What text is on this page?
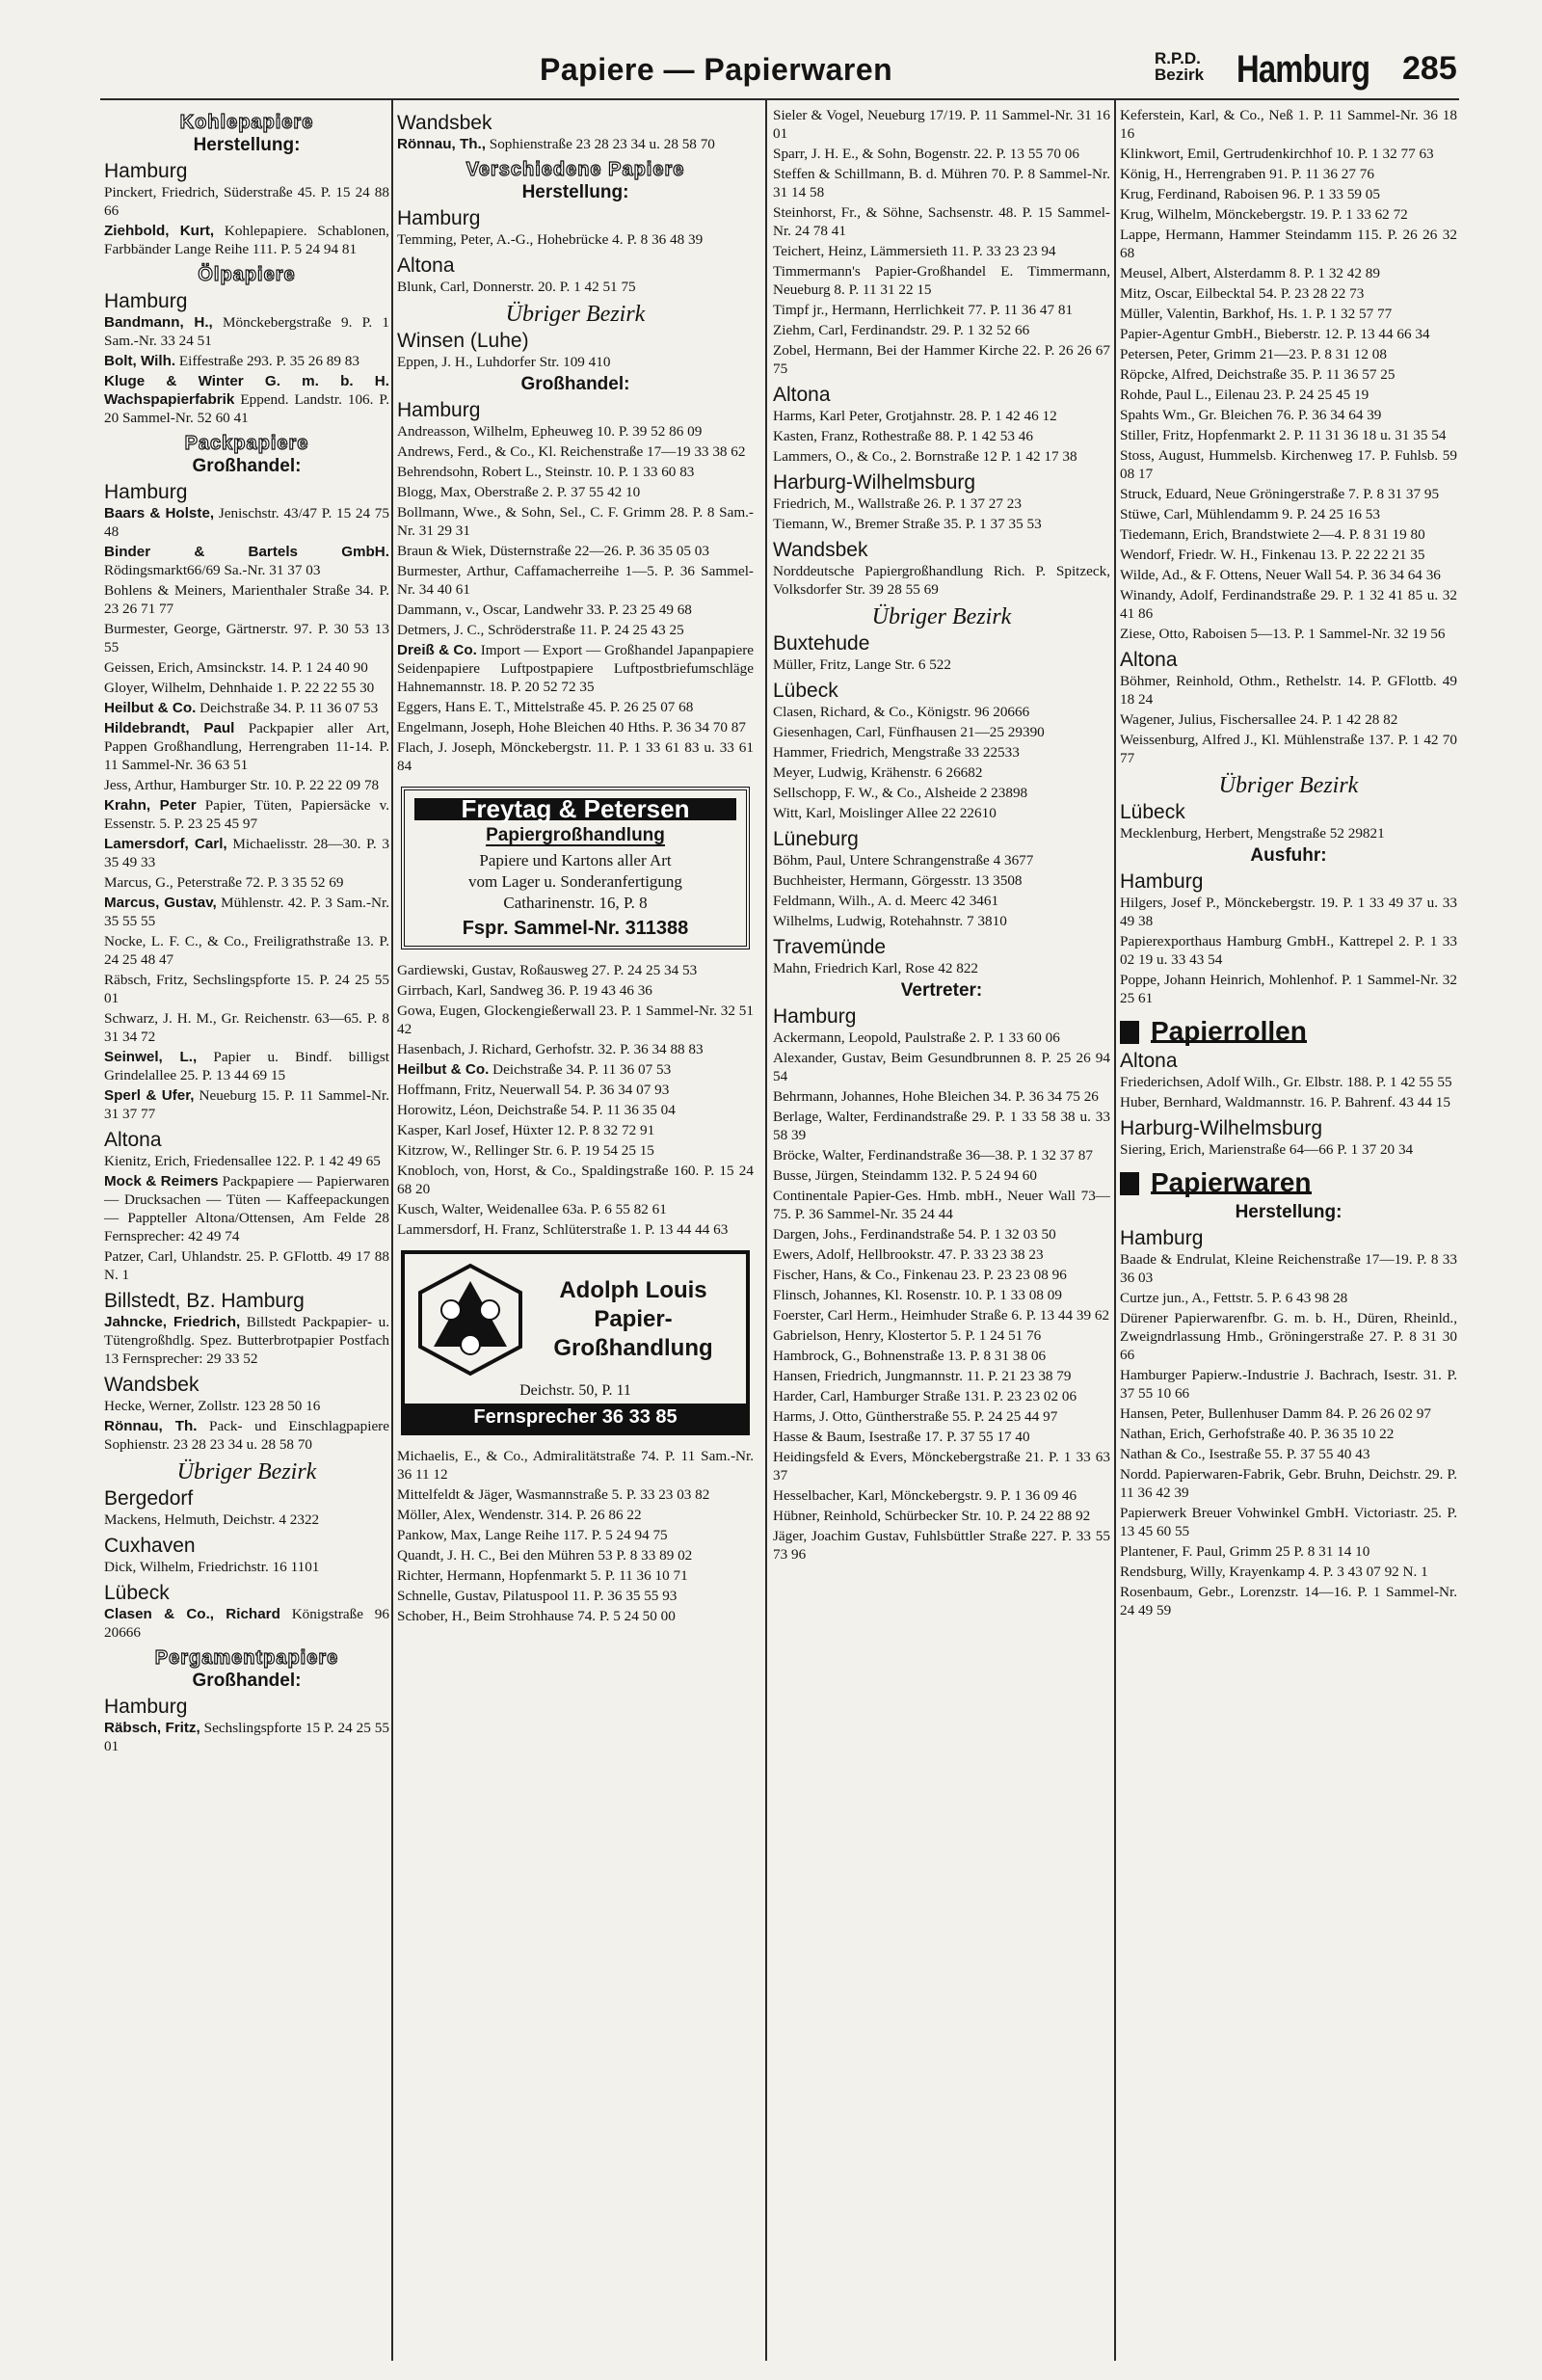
Papiere — Papierwaren	R.P.D.
Bezirk Hamburg 285
Kohlepapiere
Herstellung:
Hamburg
Pinckert, Friedrich, Süderstraße 45. P. 15 24 88 66
Ziehbold, Kurt, Kohlepapiere. Schablonen, Farbbänder Lange Reihe 111. P. 5 24 94 81
Ölpapiere
Hamburg
Bandmann, H., Mönckebergstraße 9. P. 1 Sam.-Nr. 33 24 51
Bolt, Wilh. Eiffestraße 293. P. 35 26 89 83
Kluge & Winter G. m. b. H. Wachspapierfabrik Eppend. Landstr. 106. P. 20 Sammel-Nr. 52 60 41
Packpapiere
Großhandel:
Hamburg
Baars & Holste, Jenischstr. 43/47 P. 15 24 75 48
Binder & Bartels GmbH. Rödingsmarkt66/69 Sa.-Nr. 31 37 03
Bohlens & Meiners, Marienthaler Straße 34. P. 23 26 71 77
Burmester, George, Gärtnerstr. 97. P. 30 53 13 55
Geissen, Erich, Amsinckstr. 14. P. 1 24 40 90
Gloyer, Wilhelm, Dehnhaide 1. P. 22 22 55 30
Heilbut & Co. Deichstraße 34. P. 11 36 07 53
Hildebrandt, Paul Packpapier aller Art, Pappen Großhandlung, Herrengraben 11-14. P. 11 Sammel-Nr. 36 63 51
Jess, Arthur, Hamburger Str. 10. P. 22 22 09 78
Krahn, Peter Papier, Tüten, Papiersäcke v. Essenstr. 5. P. 23 25 45 97
Lamersdorf, Carl, Michaelisstr. 28—30. P. 3 35 49 33
Marcus, G., Peterstraße 72. P. 3 35 52 69
Marcus, Gustav, Mühlenstr. 42. P. 3 Sam.-Nr. 35 55 55
Nocke, L. F. C., & Co., Freiligrathstraße 13. P. 24 25 48 47
Räbsch, Fritz, Sechslingspforte 15. P. 24 25 55 01
Schwarz, J. H. M., Gr. Reichenstr. 63—65. P. 8 31 34 72
Seinwel, L., Papier u. Bindf. billigst Grindelallee 25. P. 13 44 69 15
Sperl & Ufer, Neueburg 15. P. 11 Sammel-Nr. 31 37 77
Altona
Kienitz, Erich, Friedensallee 122. P. 1 42 49 65
Mock & Reimers Packpapiere — Papierwaren — Drucksachen — Tüten — Kaffeepackungen — Pappteller Altona/Ottensen, Am Felde 28 Fernsprecher: 42 49 74
Patzer, Carl, Uhlandstr. 25. P. GFlottb. 49 17 88 N. 1
Billstedt, Bz. Hamburg
Jahncke, Friedrich, Billstedt Packpapier- u. Tütengroßhdlg. Spez. Butterbrotpapier Postfach 13 Fernsprecher: 29 33 52
Wandsbek
Hecke, Werner, Zollstr. 123 28 50 16
Rönnau, Th. Pack- und Einschlagpapiere Sophienstr. 23 28 23 34 u. 28 58 70
Übriger Bezirk
Bergedorf
Mackens, Helmuth, Deichstr. 4 2322
Cuxhaven
Dick, Wilhelm, Friedrichstr. 16 1101
Lübeck
Clasen & Co., Richard Königstraße 96 20666
Pergamentpapiere
Großhandel:
Hamburg
Räbsch, Fritz, Sechslingspforte 15 P. 24 25 55 01
Wandsbek
Rönnau, Th., Sophienstraße 23 28 23 34 u. 28 58 70
Verschiedene Papiere
Herstellung:
Hamburg
Temming, Peter, A.-G., Hohebrücke 4. P. 8 36 48 39
Altona
Blunk, Carl, Donnerstr. 20. P. 1 42 51 75
Übriger Bezirk
Winsen (Luhe)
Eppen, J. H., Luhdorfer Str. 109 410
Großhandel:
Hamburg
Andreasson, Wilhelm, Epheuweg 10. P. 39 52 86 09
Andrews, Ferd., & Co., Kl. Reichenstraße 17—19 33 38 62
Behrendsohn, Robert L., Steinstr. 10. P. 1 33 60 83
Blogg, Max, Oberstraße 2. P. 37 55 42 10
Bollmann, Wwe., & Sohn, Sel., C. F. Grimm 28. P. 8 Sam.-Nr. 31 29 31
Braun & Wiek, Düsternstraße 22—26. P. 36 35 05 03
Burmester, Arthur, Caffamacherreihe 1—5. P. 36 Sammel-Nr. 34 40 61
Dammann, v., Oscar, Landwehr 33. P. 23 25 49 68
Detmers, J. C., Schröderstraße 11. P. 24 25 43 25
Dreiß & Co. Import — Export — Großhandel Japanpapiere Seidenpapiere Luftpostpapiere Luftpostbriefumschläge Hahnemannstr. 18. P. 20 52 72 35
Eggers, Hans E. T., Mittelstraße 45. P. 26 25 07 68
Engelmann, Joseph, Hohe Bleichen 40 Hths. P. 36 34 70 87
Flach, J. Joseph, Mönckebergstr. 11. P. 1 33 61 83 u. 33 61 84
Freytag & Petersen
Papiergroßhandlung
Papiere und Kartons aller Art
vom Lager u. Sonderanfertigung
Catharinenstr. 16, P. 8
Fspr. Sammel-Nr. 311388
Gardiewski, Gustav, Roßausweg 27. P. 24 25 34 53
Girrbach, Karl, Sandweg 36. P. 19 43 46 36
Gowa, Eugen, Glockengießerwall 23. P. 1 Sammel-Nr. 32 51 42
Hasenbach, J. Richard, Gerhofstr. 32. P. 36 34 88 83
Heilbut & Co. Deichstraße 34. P. 11 36 07 53
Hoffmann, Fritz, Neuerwall 54. P. 36 34 07 93
Horowitz, Léon, Deichstraße 54. P. 11 36 35 04
Kasper, Karl Josef, Hüxter 12. P. 8 32 72 91
Kitzrow, W., Rellinger Str. 6. P. 19 54 25 15
Knobloch, von, Horst, & Co., Spaldingstraße 160. P. 15 24 68 20
Kusch, Walter, Weidenallee 63a. P. 6 55 82 61
Lammersdorf, H. Franz, Schlüterstraße 1. P. 13 44 44 63
Adolph Louis
Papier-
Großhandlung
Deichstr. 50, P. 11
Fernsprecher 36 33 85
Michaelis, E., & Co., Admiralitätstraße 74. P. 11 Sam.-Nr. 36 11 12
Mittelfeldt & Jäger, Wasmannstraße 5. P. 33 23 03 82
Möller, Alex, Wendenstr. 314. P. 26 86 22
Pankow, Max, Lange Reihe 117. P. 5 24 94 75
Quandt, J. H. C., Bei den Mühren 53 P. 8 33 89 02
Richter, Hermann, Hopfenmarkt 5. P. 11 36 10 71
Schnelle, Gustav, Pilatuspool 11. P. 36 35 55 93
Schober, H., Beim Strohhause 74. P. 5 24 50 00
Sieler & Vogel, Neueburg 17/19. P. 11 Sammel-Nr. 31 16 01
Sparr, J. H. E., & Sohn, Bogenstr. 22. P. 13 55 70 06
Steffen & Schillmann, B. d. Mühren 70. P. 8 Sammel-Nr. 31 14 58
Steinhorst, Fr., & Söhne, Sachsenstr. 48. P. 15 Sammel-Nr. 24 78 41
Teichert, Heinz, Lämmersieth 11. P. 33 23 23 94
Timmermann's Papier-Großhandel E. Timmermann, Neueburg 8. P. 11 31 22 15
Timpf jr., Hermann, Herrlichkeit 77. P. 11 36 47 81
Ziehm, Carl, Ferdinandstr. 29. P. 1 32 52 66
Zobel, Hermann, Bei der Hammer Kirche 22. P. 26 26 67 75
Altona
Harms, Karl Peter, Grotjahnstr. 28. P. 1 42 46 12
Kasten, Franz, Rothestraße 88. P. 1 42 53 46
Lammers, O., & Co., 2. Bornstraße 12 P. 1 42 17 38
Harburg-Wilhelmsburg
Friedrich, M., Wallstraße 26. P. 1 37 27 23
Tiemann, W., Bremer Straße 35. P. 1 37 35 53
Wandsbek
Norddeutsche Papiergroßhandlung Rich. P. Spitzeck, Volksdorfer Str. 39 28 55 69
Übriger Bezirk
Buxtehude
Müller, Fritz, Lange Str. 6 522
Lübeck
Clasen, Richard, & Co., Königstr. 96 20666
Giesenhagen, Carl, Fünfhausen 21—25 29390
Hammer, Friedrich, Mengstraße 33 22533
Meyer, Ludwig, Krähenstr. 6 26682
Sellschopp, F. W., & Co., Alsheide 2 23898
Witt, Karl, Moislinger Allee 22 22610
Lüneburg
Böhm, Paul, Untere Schrangenstraße 4 3677
Buchheister, Hermann, Görgesstr. 13 3508
Feldmann, Wilh., A. d. Meerc 42 3461
Wilhelms, Ludwig, Rotehahnstr. 7 3810
Travemünde
Mahn, Friedrich Karl, Rose 42 822
Vertreter:
Hamburg
Ackermann, Leopold, Paulstraße 2. P. 1 33 60 06
Alexander, Gustav, Beim Gesundbrunnen 8. P. 25 26 94 54
Behrmann, Johannes, Hohe Bleichen 34. P. 36 34 75 26
Berlage, Walter, Ferdinandstraße 29. P. 1 33 58 38 u. 33 58 39
Bröcke, Walter, Ferdinandstraße 36—38. P. 1 32 37 87
Busse, Jürgen, Steindamm 132. P. 5 24 94 60
Continentale Papier-Ges. Hmb. mbH., Neuer Wall 73—75. P. 36 Sammel-Nr. 35 24 44
Dargen, Johs., Ferdinandstraße 54. P. 1 32 03 50
Ewers, Adolf, Hellbrookstr. 47. P. 33 23 38 23
Fischer, Hans, & Co., Finkenau 23. P. 23 23 08 96
Flinsch, Johannes, Kl. Rosenstr. 10. P. 1 33 08 09
Foerster, Carl Herm., Heimhuder Straße 6. P. 13 44 39 62
Gabrielson, Henry, Klostertor 5. P. 1 24 51 76
Hambrock, G., Bohnenstraße 13. P. 8 31 38 06
Hansen, Friedrich, Jungmannstr. 11. P. 21 23 38 79
Harder, Carl, Hamburger Straße 131. P. 23 23 02 06
Harms, J. Otto, Güntherstraße 55. P. 24 25 44 97
Hasse & Baum, Isestraße 17. P. 37 55 17 40
Heidingsfeld & Evers, Mönckebergstraße 21. P. 1 33 63 37
Hesselbacher, Karl, Mönckebergstr. 9. P. 1 36 09 46
Hübner, Reinhold, Schürbecker Str. 10. P. 24 22 88 92
Jäger, Joachim Gustav, Fuhlsbüttler Straße 227. P. 33 55 73 96
Keferstein, Karl, & Co., Neß 1. P. 11 Sammel-Nr. 36 18 16
Klinkwort, Emil, Gertrudenkirchhof 10. P. 1 32 77 63
König, H., Herrengraben 91. P. 11 36 27 76
Krug, Ferdinand, Raboisen 96. P. 1 33 59 05
Krug, Wilhelm, Mönckebergstr. 19. P. 1 33 62 72
Lappe, Hermann, Hammer Steindamm 115. P. 26 26 32 68
Meusel, Albert, Alsterdamm 8. P. 1 32 42 89
Mitz, Oscar, Eilbecktal 54. P. 23 28 22 73
Müller, Valentin, Barkhof, Hs. 1. P. 1 32 57 77
Papier-Agentur GmbH., Bieberstr. 12. P. 13 44 66 34
Petersen, Peter, Grimm 21—23. P. 8 31 12 08
Röpcke, Alfred, Deichstraße 35. P. 11 36 57 25
Rohde, Paul L., Eilenau 23. P. 24 25 45 19
Spahts Wm., Gr. Bleichen 76. P. 36 34 64 39
Stiller, Fritz, Hopfenmarkt 2. P. 11 31 36 18 u. 31 35 54
Stoss, August, Hummelsb. Kirchenweg 17. P. Fuhlsb. 59 08 17
Struck, Eduard, Neue Gröningerstraße 7. P. 8 31 37 95
Stüwe, Carl, Mühlendamm 9. P. 24 25 16 53
Tiedemann, Erich, Brandstwiete 2—4. P. 8 31 19 80
Wendorf, Friedr. W. H., Finkenau 13. P. 22 22 21 35
Wilde, Ad., & F. Ottens, Neuer Wall 54. P. 36 34 64 36
Winandy, Adolf, Ferdinandstraße 29. P. 1 32 41 85 u. 32 41 86
Ziese, Otto, Raboisen 5—13. P. 1 Sammel-Nr. 32 19 56
Altona
Böhmer, Reinhold, Othm., Rethelstr. 14. P. GFlottb. 49 18 24
Wagener, Julius, Fischersallee 24. P. 1 42 28 82
Weissenburg, Alfred J., Kl. Mühlenstraße 137. P. 1 42 70 77
Übriger Bezirk
Lübeck
Mecklenburg, Herbert, Mengstraße 52 29821
Ausfuhr:
Hamburg
Hilgers, Josef P., Mönckebergstr. 19. P. 1 33 49 37 u. 33 49 38
Papierexporthaus Hamburg GmbH., Kattrepel 2. P. 1 33 02 19 u. 33 43 54
Poppe, Johann Heinrich, Mohlenhof. P. 1 Sammel-Nr. 32 25 61
Papierrollen
Altona
Friederichsen, Adolf Wilh., Gr. Elbstr. 188. P. 1 42 55 55
Huber, Bernhard, Waldmannstr. 16. P. Bahrenf. 43 44 15
Harburg-Wilhelmsburg
Siering, Erich, Marienstraße 64—66 P. 1 37 20 34
Papierwaren
Herstellung:
Hamburg
Baade & Endrulat, Kleine Reichenstraße 17—19. P. 8 33 36 03
Curtze jun., A., Fettstr. 5. P. 6 43 98 28
Dürener Papierwarenfbr. G. m. b. H., Düren, Rheinld., Zweigndrlassung Hmb., Gröningerstraße 27. P. 8 31 30 66
Hamburger Papierw.-Industrie J. Bachrach, Isestr. 31. P. 37 55 10 66
Hansen, Peter, Bullenhuser Damm 84. P. 26 26 02 97
Nathan, Erich, Gerhofstraße 40. P. 36 35 10 22
Nathan & Co., Isestraße 55. P. 37 55 40 43
Nordd. Papierwaren-Fabrik, Gebr. Bruhn, Deichstr. 29. P. 11 36 42 39
Papierwerk Breuer Vohwinkel GmbH. Victoriastr. 25. P. 13 45 60 55
Plantener, F. Paul, Grimm 25 P. 8 31 14 10
Rendsburg, Willy, Krayenkamp 4. P. 3 43 07 92 N. 1
Rosenbaum, Gebr., Lorenzstr. 14—16. P. 1 Sammel-Nr. 24 49 59
